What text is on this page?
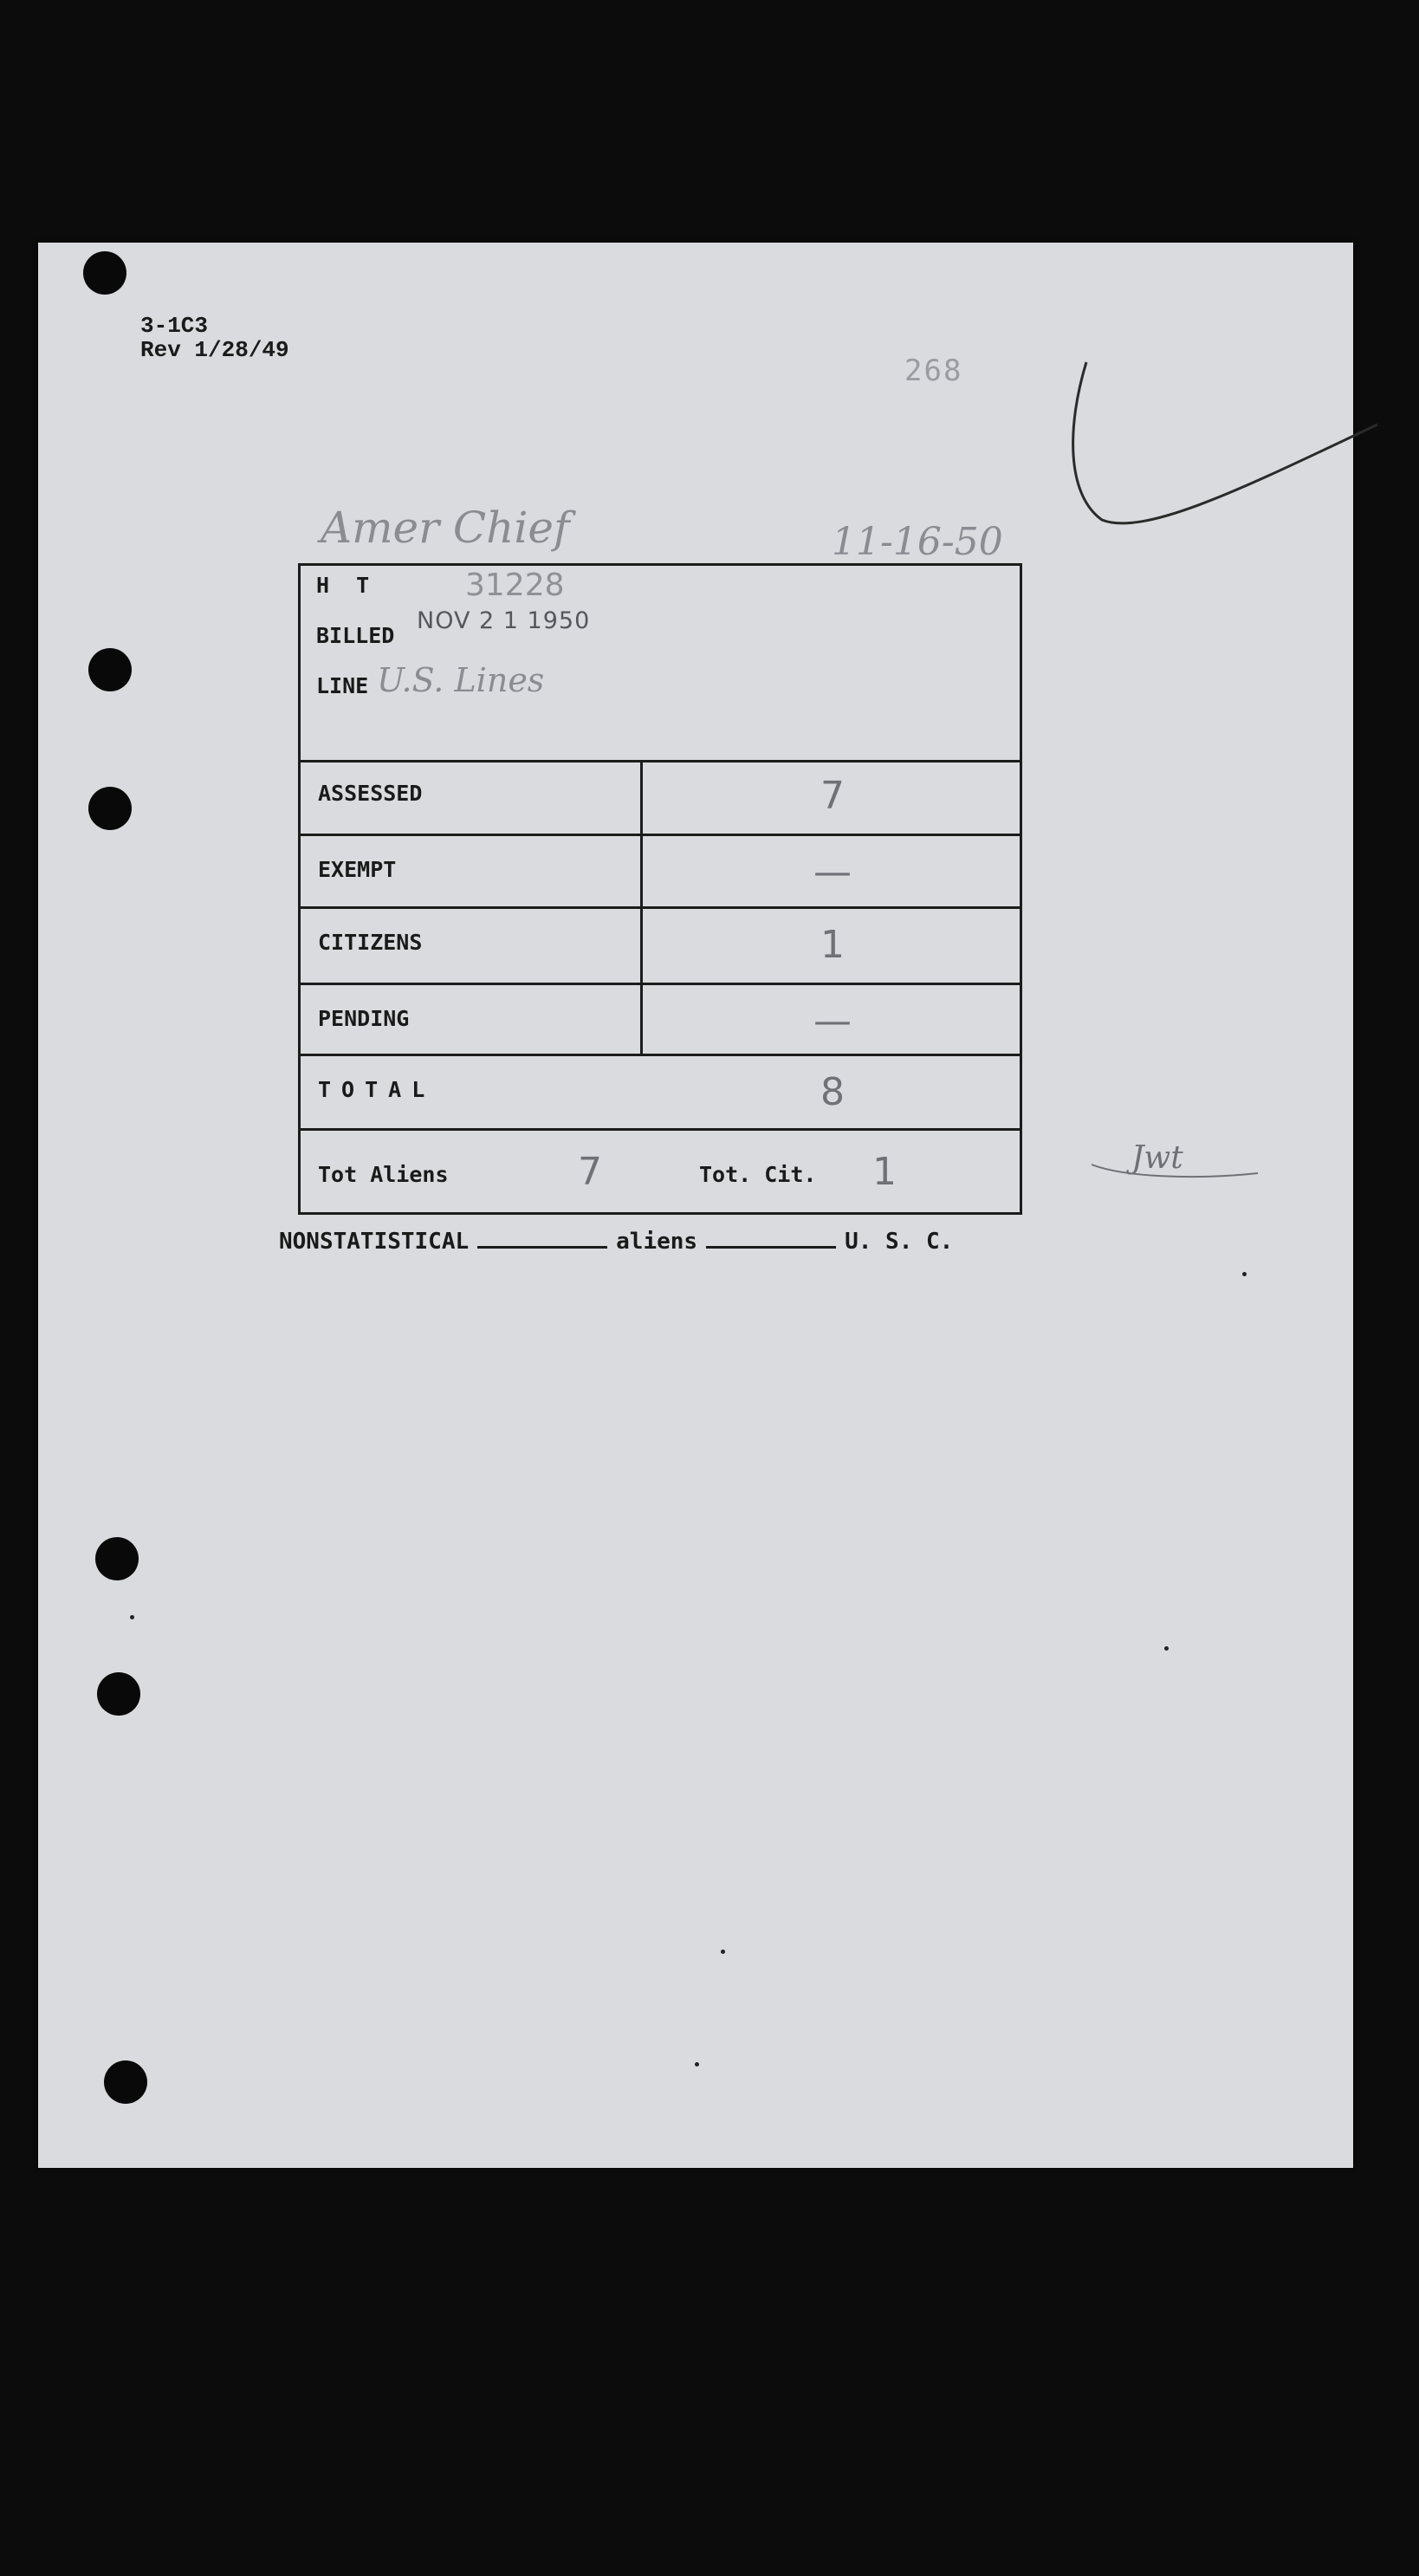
3-1C3
Rev 1/28/49
268
Amer Chief	11-16-50
H T	31228
BILLED
NOV 2 1 1950
LINE U.S. Lines
ASSESSED	7
EXEMPT	—
CITIZENS	1
PENDING	—
TOTAL	8
Tot Aliens	7	Tot. Cit. 1	Jwt
NONSTATISTICAL	aliens	U. S. C.
